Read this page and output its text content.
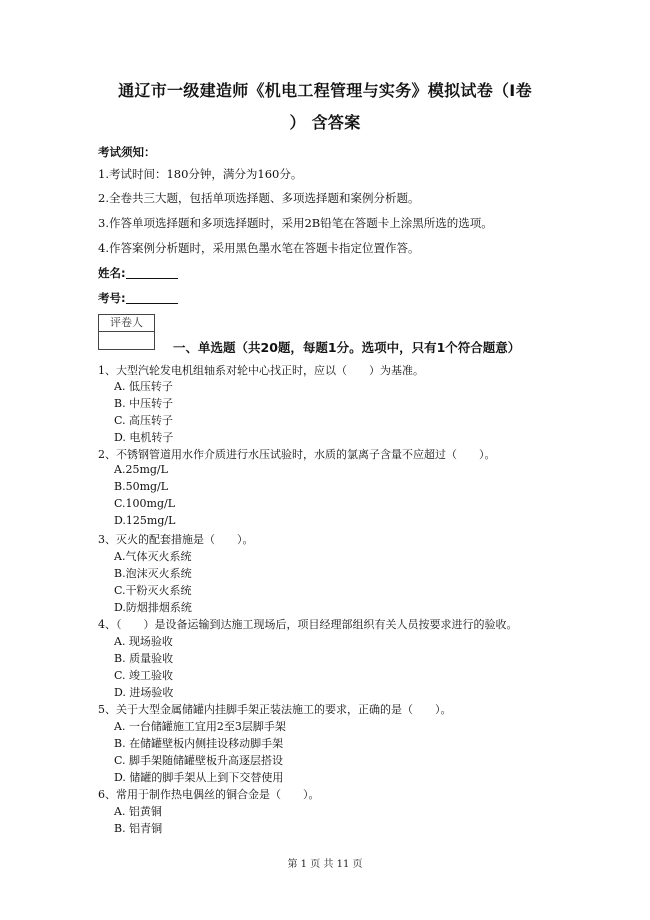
通辽市一级建造师《机电工程管理与实务》模拟试卷（I卷
） 含答案
考试须知：
1.考试时间：180分钟，满分为160分。
2.全卷共三大题，包括单项选择题、多项选择题和案例分析题。
3.作答单项选择题和多项选择题时，采用2B铅笔在答题卡上涂黑所选的选项。
4.作答案例分析题时，采用黑色墨水笔在答题卡指定位置作答。
姓名:
考号:
评卷人
一、单选题（共20题，每题1分。选项中，只有1个符合题意）
1、大型汽轮发电机组轴系对轮中心找正时，应以（　　）为基准。
A. 低压转子
B. 中压转子
C. 高压转子
D. 电机转子
2、不锈钢管道用水作介质进行水压试验时，水质的氯离子含量不应超过（　　）。
A.25mg/L
B.50mg/L
C.100mg/L
D.125mg/L
3、灭火的配套措施是（　　）。
A.气体灭火系统
B.泡沫灭火系统
C.干粉灭火系统
D.防烟排烟系统
4、（　　）是设备运输到达施工现场后，项目经理部组织有关人员按要求进行的验收。
A. 现场验收
B. 质量验收
C. 竣工验收
D. 进场验收
5、关于大型金属储罐内挂脚手架正装法施工的要求，正确的是（　　）。
A. 一台储罐施工宜用2至3层脚手架
B. 在储罐壁板内侧挂设移动脚手架
C. 脚手架随储罐壁板升高逐层搭设
D. 储罐的脚手架从上到下交替使用
6、常用于制作热电偶丝的铜合金是（　　）。
A. 铝黄铜
B. 铝青铜
第 1 页 共 11 页
